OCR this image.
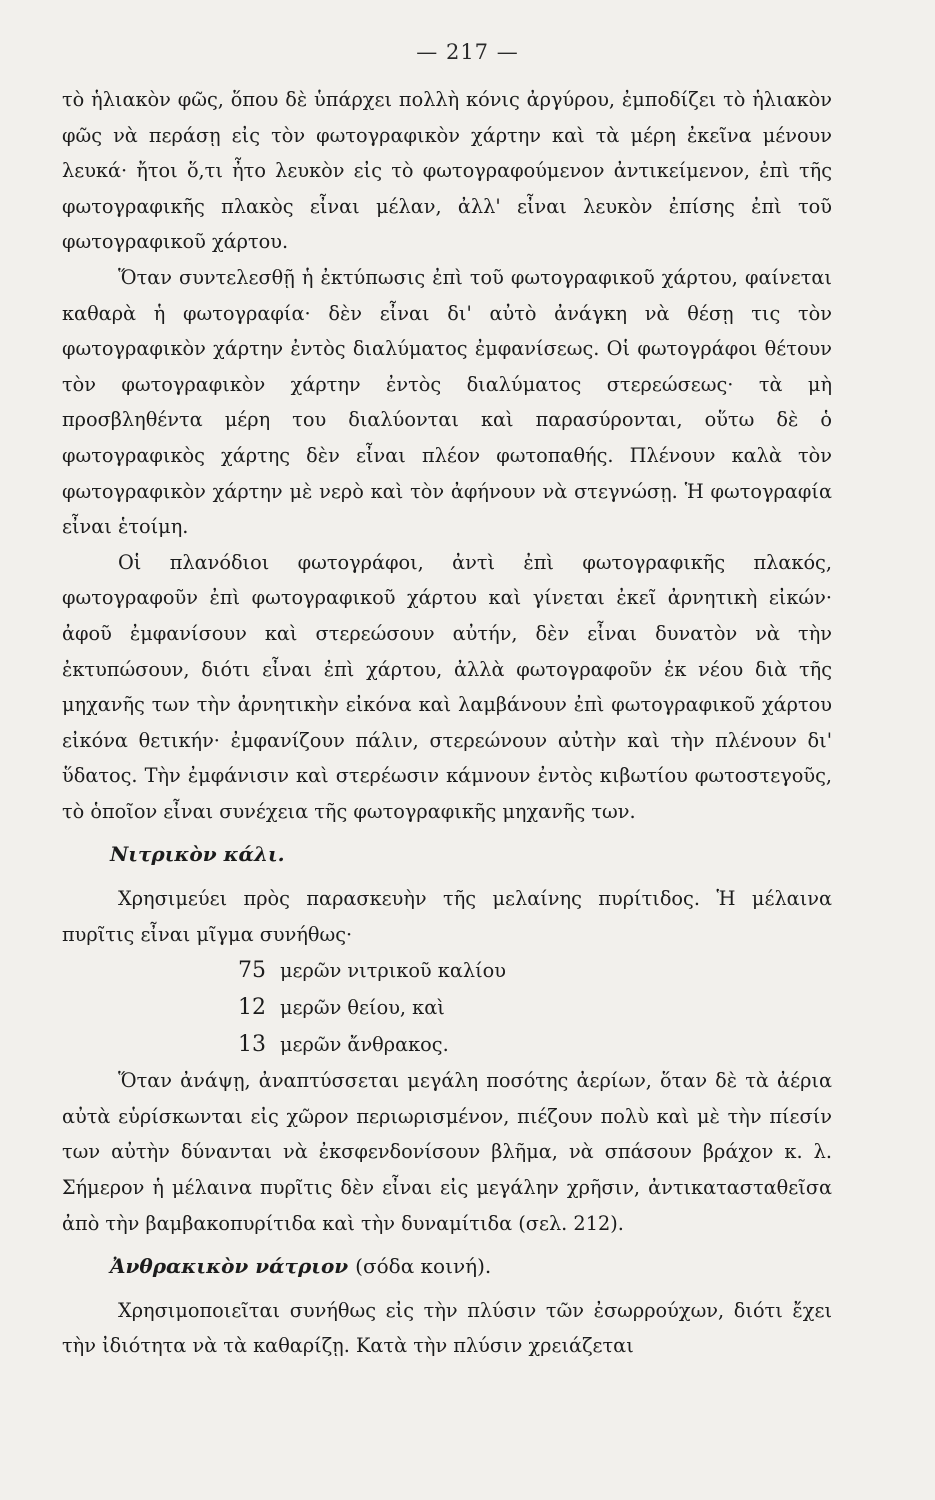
— 217 —

τὸ ἡλιακὸν φῶς, ὅπου δὲ ὑπάρχει πολλὴ κόνις ἀργύρου, ἐμποδίζει τὸ ἡλιακὸν φῶς νὰ περάσῃ εἰς τὸν φωτογραφικὸν χάρτην καὶ τὰ μέρη ἐκεῖνα μένουν λευκά· ἤτοι ὅ,τι ἦτο λευκὸν εἰς τὸ φωτογραφούμενον ἀντικείμενον, ἐπὶ τῆς φωτογραφικῆς πλακὸς εἶναι μέλαν, ἀλλ' εἶναι λευκὸν ἐπίσης ἐπὶ τοῦ φωτογραφικοῦ χάρτου.

Ὅταν συντελεσθῇ ἡ ἐκτύπωσις ἐπὶ τοῦ φωτογραφικοῦ χάρτου, φαίνεται καθαρὰ ἡ φωτογραφία· δὲν εἶναι δι' αὐτὸ ἀνάγκη νὰ θέσῃ τις τὸν φωτογραφικὸν χάρτην ἐντὸς διαλύματος ἐμφανίσεως. Οἱ φωτογράφοι θέτουν τὸν φωτογραφικὸν χάρτην ἐντὸς διαλύματος στερεώσεως· τὰ μὴ προσβληθέντα μέρη του διαλύονται καὶ παρασύρονται, οὕτω δὲ ὁ φωτογραφικὸς χάρτης δὲν εἶναι πλέον φωτοπαθής. Πλένουν καλὰ τὸν φωτογραφικὸν χάρτην μὲ νερὸ καὶ τὸν ἀφήνουν νὰ στεγνώσῃ. Ἡ φωτογραφία εἶναι ἑτοίμη.

Οἱ πλανόδιοι φωτογράφοι, ἀντὶ ἐπὶ φωτογραφικῆς πλακός, φωτογραφοῦν ἐπὶ φωτογραφικοῦ χάρτου καὶ γίνεται ἐκεῖ ἀρνητικὴ εἰκών· ἀφοῦ ἐμφανίσουν καὶ στερεώσουν αὐτήν, δὲν εἶναι δυνατὸν νὰ τὴν ἐκτυπώσουν, διότι εἶναι ἐπὶ χάρτου, ἀλλὰ φωτογραφοῦν ἐκ νέου διὰ τῆς μηχανῆς των τὴν ἀρνητικὴν εἰκόνα καὶ λαμβάνουν ἐπὶ φωτογραφικοῦ χάρτου εἰκόνα θετικήν· ἐμφανίζουν πάλιν, στερεώνουν αὐτὴν καὶ τὴν πλένουν δι' ὕδατος. Τὴν ἐμφάνισιν καὶ στερέωσιν κάμνουν ἐντὸς κιβωτίου φωτοστεγοῦς, τὸ ὁποῖον εἶναι συνέχεια τῆς φωτογραφικῆς μηχανῆς των.

Νιτρικὸν κάλι.

Χρησιμεύει πρὸς παρασκευὴν τῆς μελαίνης πυρίτιδος. Ἡ μέλαινα πυρῖτις εἶναι μῖγμα συνήθως·

75 μερῶν νιτρικοῦ καλίου
12 μερῶν θείου, καὶ
13 μερῶν ἄνθρακος.

Ὅταν ἀνάψῃ, ἀναπτύσσεται μεγάλη ποσότης ἀερίων, ὅταν δὲ τὰ ἀέρια αὐτὰ εὑρίσκωνται εἰς χῶρον περιωρισμένον, πιέζουν πολὺ καὶ μὲ τὴν πίεσίν των αὐτὴν δύνανται νὰ ἐκσφενδονίσουν βλῆμα, νὰ σπάσουν βράχον κ. λ. Σήμερον ἡ μέλαινα πυρῖτις δὲν εἶναι εἰς μεγάλην χρῆσιν, ἀντικατασταθεῖσα ἀπὸ τὴν βαμβακοπυρίτιδα καὶ τὴν δυναμίτιδα (σελ. 212).

Ἀνθρακικὸν νάτριον (σόδα κοινή).

Χρησιμοποιεῖται συνήθως εἰς τὴν πλύσιν τῶν ἐσωρρούχων, διότι ἔχει τὴν ἰδιότητα νὰ τὰ καθαρίζῃ. Κατὰ τὴν πλύσιν χρειάζεται
